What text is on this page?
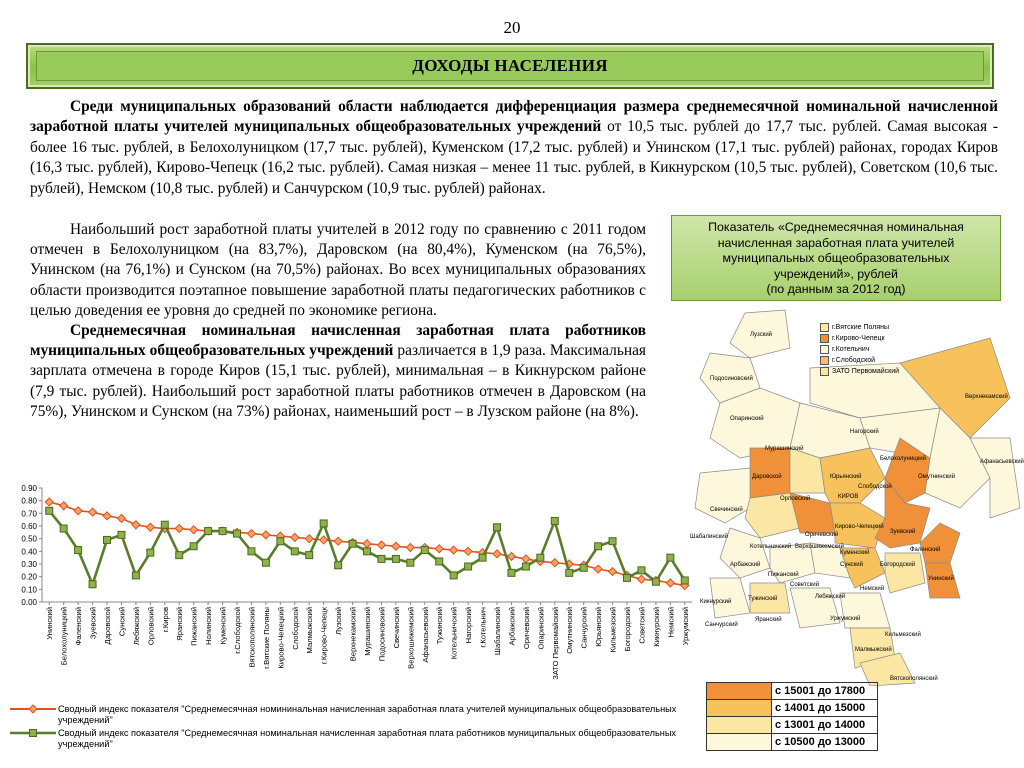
20
ДОХОДЫ НАСЕЛЕНИЯ
Среди муниципальных образований области наблюдается дифференциация размера среднемесячной номинальной начисленной заработной платы учителей муниципальных общеобразовательных учреждений от 10,5 тыс. рублей до 17,7 тыс. рублей. Самая высокая - более 16 тыс. рублей, в Белохолуницком (17,7 тыс. рублей), Куменском (17,2 тыс. рублей) и Унинском (17,1 тыс. рублей) районах, городах Киров (16,3 тыс. рублей), Кирово-Чепецк (16,2 тыс. рублей). Самая низкая – менее 11 тыс. рублей, в Кикнурском (10,5 тыс. рублей), Советском (10,6 тыс. рублей), Немском (10,8 тыс. рублей) и Санчурском (10,9 тыс. рублей) районах.

Наибольший рост заработной платы учителей в 2012 году по сравнению с 2011 годом отмечен в Белохолуницком (на 83,7%), Даровском (на 80,4%), Куменском (на 76,5%), Унинском (на 76,1%) и Сунском (на 70,5%) районах. Во всех муниципальных образованиях области производится поэтапное повышение заработной платы педагогических работников с целью доведения ее уровня до средней по экономике региона.

Среднемесячная номинальная начисленная заработная плата работников муниципальных общеобразовательных учреждений различается в 1,9 раза. Максимальная зарплата отмечена в городе Киров (15,1 тыс. рублей), минимальная – в Кикнурском районе (7,9 тыс. рублей). Наибольший рост заработной платы работников отмечен в Даровском (на 75%), Унинском и Сунском (на 73%) районах, наименьший рост – в Лузском районе (на 8%).

Показатель «Среднемесячная номинальная
начисленная заработная плата учителей
муниципальных общеобразовательных
учреждений», рублей
(по данным за 2012 год)
Лузский
Подосиновский
Верхнекамский
Опаринский
Нагорский
Мурашинский
Афанасьевский
Белохолуницкий
Даровской	Юрьянский
Слободской
Омутнинский
Свечинский
Орловский	КИРОВ
Шабалинский
Кирово-Чепецкий
Зуевский
Котельничский
Оричевский
Верхошижемский
Куменский	Фаленский
Арбажский	Сунский	Богородский
Пижанский
Советский
Лебяжский
Немский
Унинский
Кикнурский	Тужинский
Санчурский
Яранский	Уржумский
Малмыжский
Кильмезский
Вятскополянский
г.Вятские Поляны
г.Кирово-Чепецк
г.Котельнич
г.Слободской
ЗАТО Первомайский
	с 15001 до 17800
	с 14001 до 15000
	с 13001 до 14000
	с 10500 до 13000
0.00
0.10
0.20
0.30
0.40
0.50
0.60
0.70
0.80
0.90
Унинский Белохолуницкий Фаленский Зуевский Даровской Сунский Лебяжский Орловский г.Киров Яранский Пижанский Нолинский Куменский г.Слободской Вятскополянский г.Вятские Поляны Кирово-Чепецкий Слободской Малмыжский г.Кирово-Чепецк Лузский Верхнекамский Мурашинский Подосиновский Свечинский Верхошижемский Афанасьевский Тужинский Котельничский Нагорский г.Котельнич Шабалинский Арбажский Оричевский Опаринский ЗАТО Первомайский Омутнинский Санчурский Юрьянский Кильмезский Богородский Советский Кикнурский Немский Уржумский
Сводный индекс показателя "Среднемесячная номининальная начисленная заработная плата учителей муниципальных общеобразовательных учреждений"
Сводный индекс показателя "Среднемесячная номинальная начисленная заработная плата работников муниципальных общеобразовательных учреждений"
